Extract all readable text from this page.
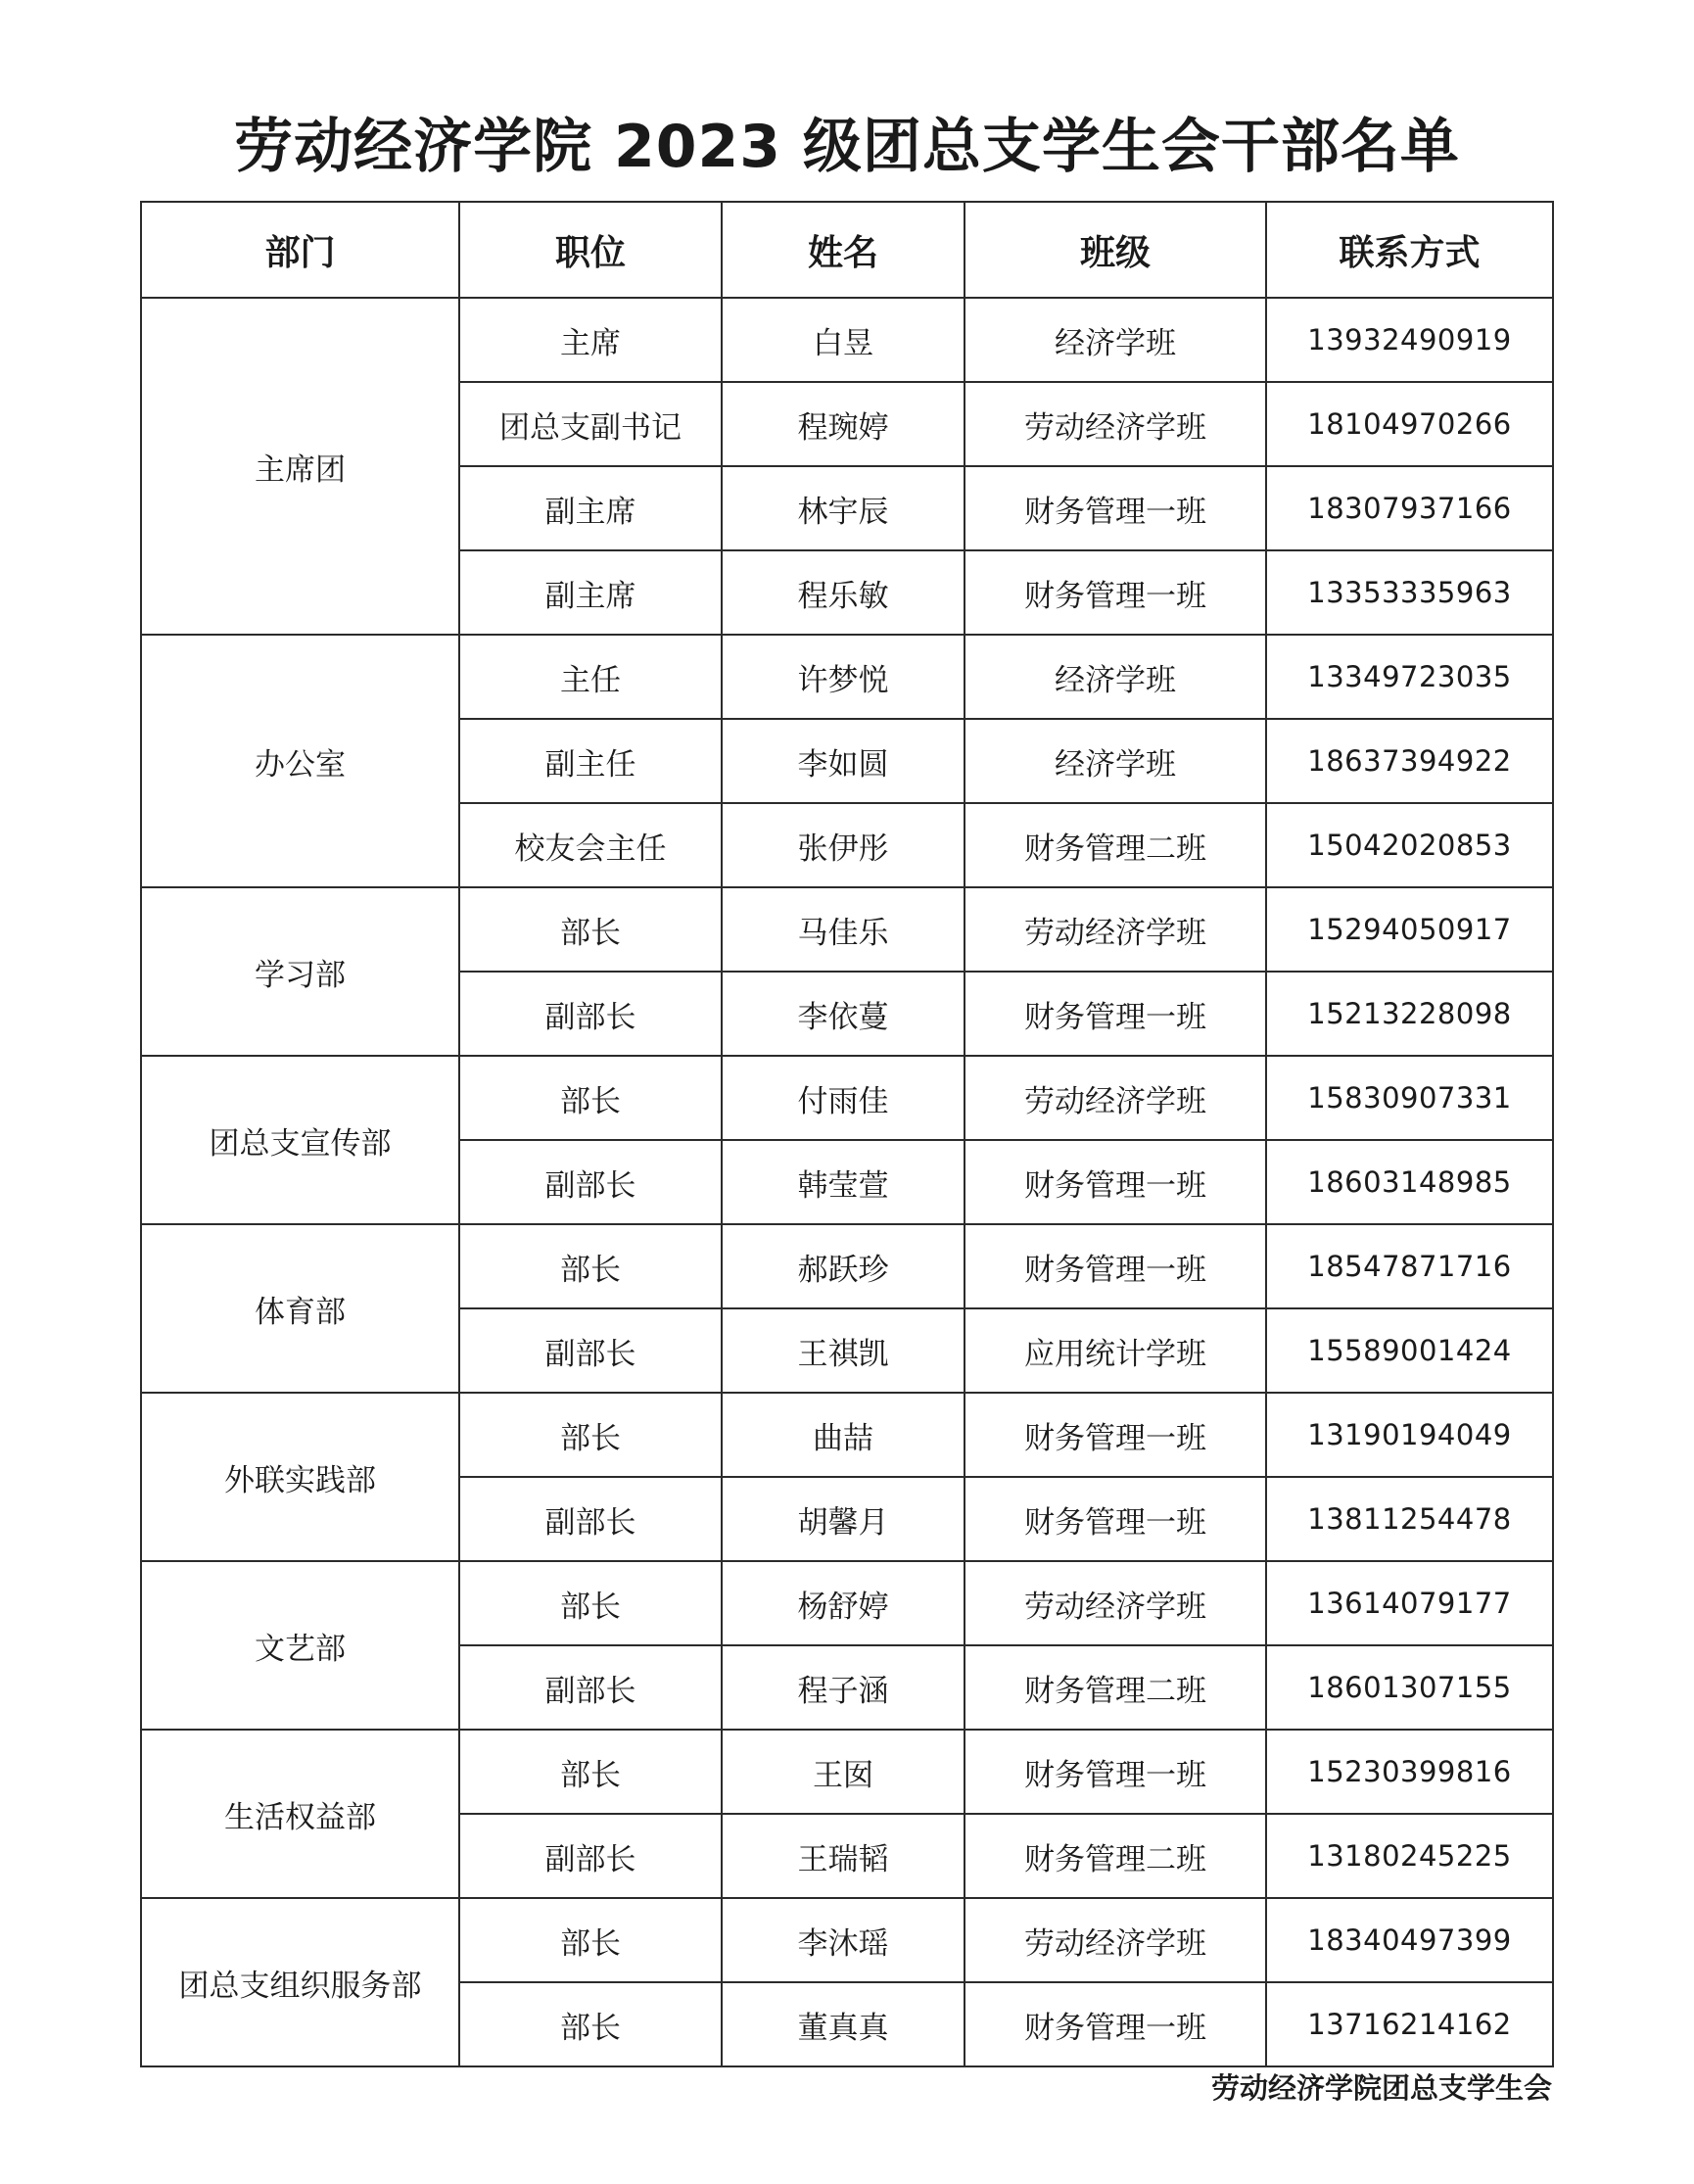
劳动经济学院 2023 级团总支学生会干部名单
部门	职位	姓名	班级	联系方式
主席团	主席	白昱	经济学班	13932490919
	团总支副书记	程琬婷	劳动经济学班	18104970266
	副主席	林宇辰	财务管理一班	18307937166
	副主席	程乐敏	财务管理一班	13353335963
办公室	主任	许梦悦	经济学班	13349723035
	副主任	李如圆	经济学班	18637394922
	校友会主任	张伊彤	财务管理二班	15042020853
学习部	部长	马佳乐	劳动经济学班	15294050917
	副部长	李依蔓	财务管理一班	15213228098
团总支宣传部	部长	付雨佳	劳动经济学班	15830907331
	副部长	韩莹萱	财务管理一班	18603148985
体育部	部长	郝跃珍	财务管理一班	18547871716
	副部长	王祺凯	应用统计学班	15589001424
外联实践部	部长	曲喆	财务管理一班	13190194049
	副部长	胡馨月	财务管理一班	13811254478
文艺部	部长	杨舒婷	劳动经济学班	13614079177
	副部长	程子涵	财务管理二班	18601307155
生活权益部	部长	王囡	财务管理一班	15230399816
	副部长	王瑞韬	财务管理二班	13180245225
团总支组织服务部	部长	李沐瑶	劳动经济学班	18340497399
	部长	董真真	财务管理一班	13716214162
劳动经济学院团总支学生会
